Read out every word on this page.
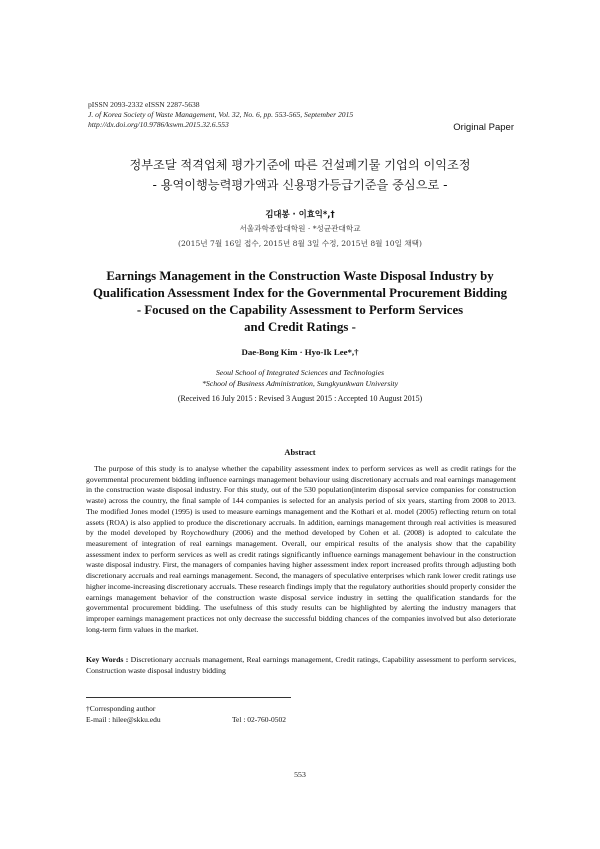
pISSN 2093-2332 eISSN 2287-5638
J. of Korea Society of Waste Management, Vol. 32, No. 6, pp. 553-565, September 2015
http://dx.doi.org/10.9786/kswm.2015.32.6.553	Original Paper
정부조달 적격업체 평가기준에 따른 건설폐기물 기업의 이익조정
- 용역이행능력평가액과 신용평가등급기준을 중심으로 -
김대봉 · 이효익*,†
서울과학종합대학원 · *성균관대학교
(2015년 7월 16일 접수, 2015년 8월 3일 수정, 2015년 8월 10일 채택)
Earnings Management in the Construction Waste Disposal Industry by
Qualification Assessment Index for the Governmental Procurement Bidding
- Focused on the Capability Assessment to Perform Services
and Credit Ratings -
Dae-Bong Kim · Hyo-Ik Lee*,†
Seoul School of Integrated Sciences and Technologies
*School of Business Administration, Sungkyunkwan University
(Received 16 July 2015 : Revised 3 August 2015 : Accepted 10 August 2015)
Abstract
The purpose of this study is to analyse whether the capability assessment index to perform services as well as credit ratings for the governmental procurement bidding influence earnings management behaviour using discretionary accruals and real earnings management in the construction waste disposal industry. For this study, out of the 530 population(interim disposal service companies for construction waste) across the country, the final sample of 144 companies is selected for an analysis period of six years, starting from 2008 to 2013. The modified Jones model (1995) is used to measure earnings management and the Kothari et al. model (2005) reflecting return on total assets (ROA) is also applied to produce the discretionary accruals. In addition, earnings management through real activities is measured by the model developed by Roychowdhury (2006) and the method developed by Cohen et al. (2008) is adopted to calculate the measurement of integration of real earnings management. Overall, our empirical results of the analysis show that the capability assessment index to perform services as well as credit ratings significantly influence earnings management behaviour in the construction waste disposal industry. First, the managers of companies having higher assessment index report increased profits through adjusting both discretionary accruals and real earnings management. Second, the managers of speculative enterprises which rank lower credit ratings use higher income-increasing discretionary accruals. These research findings imply that the regulatory authorities should properly consider the earnings management behavior of the construction waste disposal service industry in setting the qualification standards for the governmental procurement bidding. The usefulness of this study results can be highlighted by alerting the industry managers that improper earnings management practices not only decrease the successful bidding chances of the companies involved but also deteriorate long-term firm values in the market.
Key Words : Discretionary accruals management, Real earnings management, Credit ratings, Capability assessment to perform services, Construction waste disposal industry bidding
†Corresponding author
E-mail : hilee@skku.edu	Tel : 02-760-0502
553
